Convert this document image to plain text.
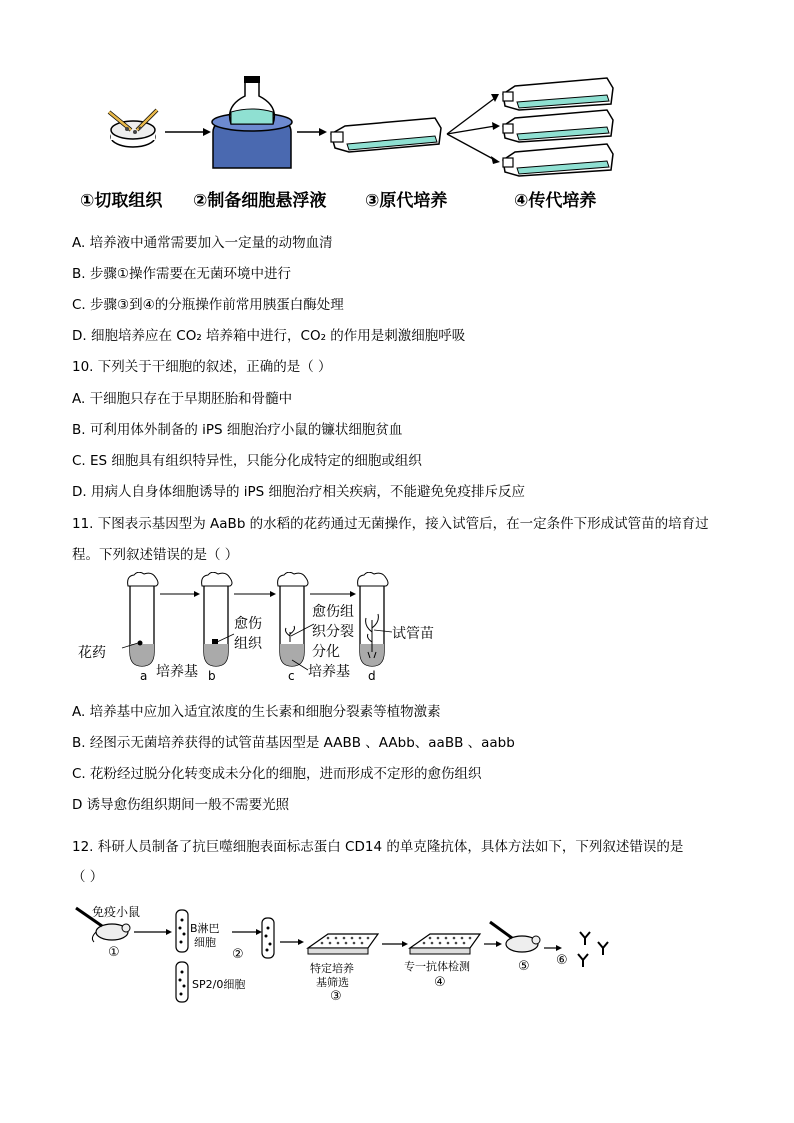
①切取组织 ②制备细胞悬浮液 ③原代培养	④传代培养
A. 培养液中通常需要加入一定量的动物血清
B. 步骤①操作需要在无菌环境中进行
C. 步骤③到④的分瓶操作前常用胰蛋白酶处理
D. 细胞培养应在 CO₂ 培养箱中进行，CO₂ 的作用是刺激细胞呼吸
10. 下列关于干细胞的叙述，正确的是（ ）
A. 干细胞只存在于早期胚胎和骨髓中
B. 可利用体外制备的 iPS 细胞治疗小鼠的镰状细胞贫血
C. ES 细胞具有组织特异性，只能分化成特定的细胞或组织
D. 用病人自身体细胞诱导的 iPS 细胞治疗相关疾病，不能避免免疫排斥反应
11. 下图表示基因型为 AaBb 的水稻的花药通过无菌操作，接入试管后，在一定条件下形成试管苗的培育过
程。下列叙述错误的是（ ）
花药
培养基
愈伤
组织
愈伤组
织分裂
分化
培养基
试管苗
a	b	c	d
A. 培养基中应加入适宜浓度的生长素和细胞分裂素等植物激素
B. 经图示无菌培养获得的试管苗基因型是 AABB 、AAbb、aaBB 、aabb
C. 花粉经过脱分化转变成未分化的细胞，进而形成不定形的愈伤组织
D 诱导愈伤组织期间一般不需要光照
12. 科研人员制备了抗巨噬细胞表面标志蛋白 CD14 的单克隆抗体，具体方法如下，下列叙述错误的是
（ ）
免疫小鼠
①
B淋巴
细胞
SP2/0细胞
②
特定培养
基筛选
③
专一抗体检测
④
⑤ ⑥
